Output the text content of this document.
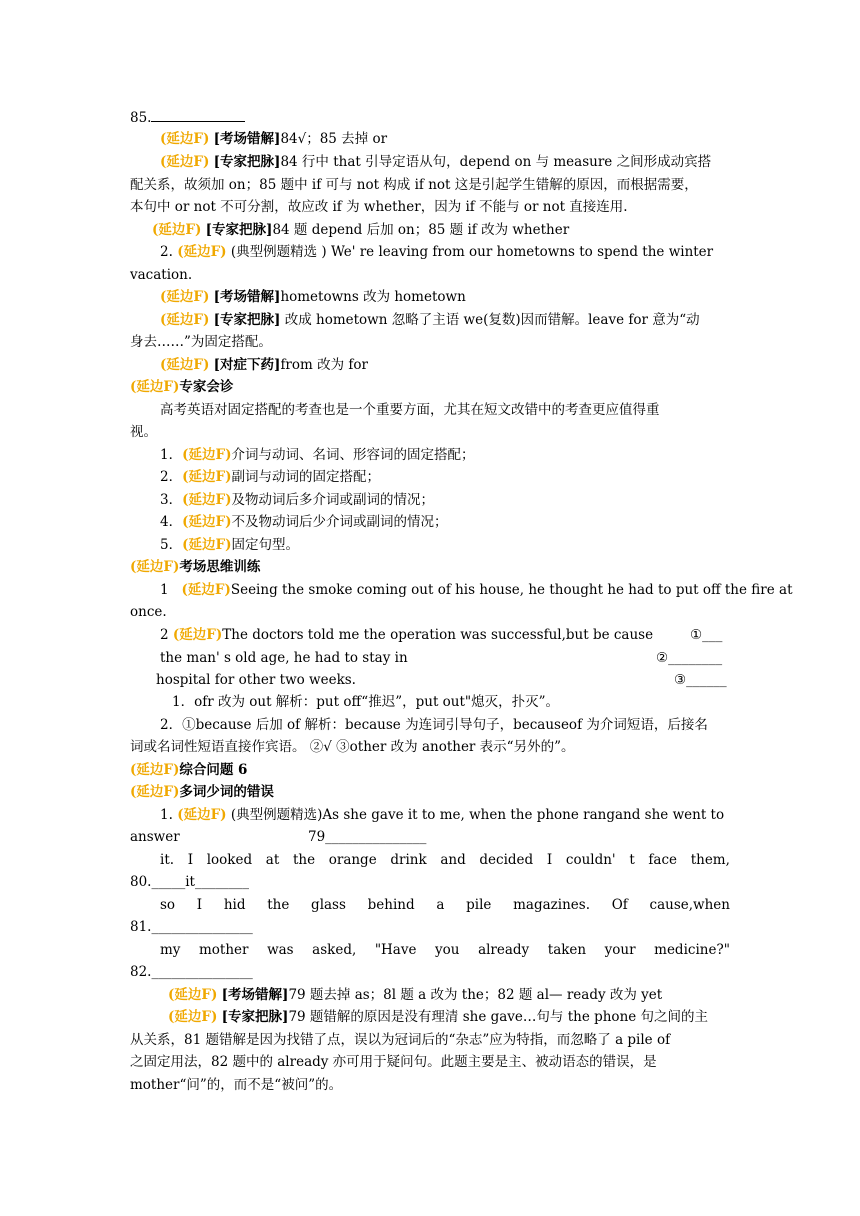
85.
(延边F) [考场错解]84√；85 去掉 or
(延边F) [专家把脉]84 行中 that 引导定语从句，depend on 与 measure 之间形成动宾搭
配关系，故须加 on；85 题中 if 可与 not 构成 if not 这是引起学生错解的原因，而根据需要，
本句中 or not 不可分割，故应改 if 为 whether，因为 if 不能与 or not 直接连用.
(延边F) [专家把脉]84 题 depend 后加 on；85 题 if 改为 whether
2. (延边F) (典型例题精选 ) We' re leaving from our hometowns to spend the winter
vacation.
(延边F) [考场错解]hometowns 改为 hometown
(延边F) [专家把脉] 改成 hometown 忽略了主语 we(复数)因而错解。leave for 意为“动
身去……”为固定搭配。
(延边F) [对症下药]from 改为 for
(延边F)专家会诊
高考英语对固定搭配的考查也是一个重要方面，尤其在短文改错中的考查更应值得重
视。
1．(延边F)介词与动词、名词、形容词的固定搭配；
2．(延边F)副词与动词的固定搭配；
3．(延边F)及物动词后多介词或副词的情况；
4．(延边F)不及物动词后少介词或副词的情况；
5．(延边F)固定句型。
(延边F)考场思维训练
1 (延边F)Seeing the smoke coming out of his house, he thought he had to put off the fire at
once.
2 (延边F)The doctors told me the operation was successful,but be cause	①___
the man' s old age, he had to stay in	②________
hospital for other two weeks.	③______
1．ofr 改为 out 解析：put off“推迟”，put out"熄灭，扑灭”。
2．①because 后加 of 解析：because 为连词引导句子，becauseof 为介词短语，后接名
词或名词性短语直接作宾语。 ②√ ③other 改为 another 表示“另外的”。
(延边F)综合问题 6
(延边F)多词少词的错误
1. (延边F) (典型例题精选)As she gave it to me, when the phone rangand she went to
answer	79_______________
it. I looked at the orange drink and decided I couldn' t face them,
80._____it________
so I hid the glass behind a pile magazines. Of cause,when
81._______________
my mother was asked, "Have you already taken your medicine?"
82._______________
(延边F) [考场错解]79 题去掉 as；8l 题 a 改为 the；82 题 al— ready 改为 yet
(延边F) [专家把脉]79 题错解的原因是没有理清 she gave…句与 the phone 句之间的主
从关系，81 题错解是因为找错了点，误以为冠词后的“杂志”应为特指，而忽略了 a pile of
之固定用法，82 题中的 already 亦可用于疑问句。此题主要是主、被动语态的错误，是
mother“问”的，而不是“被问”的。
